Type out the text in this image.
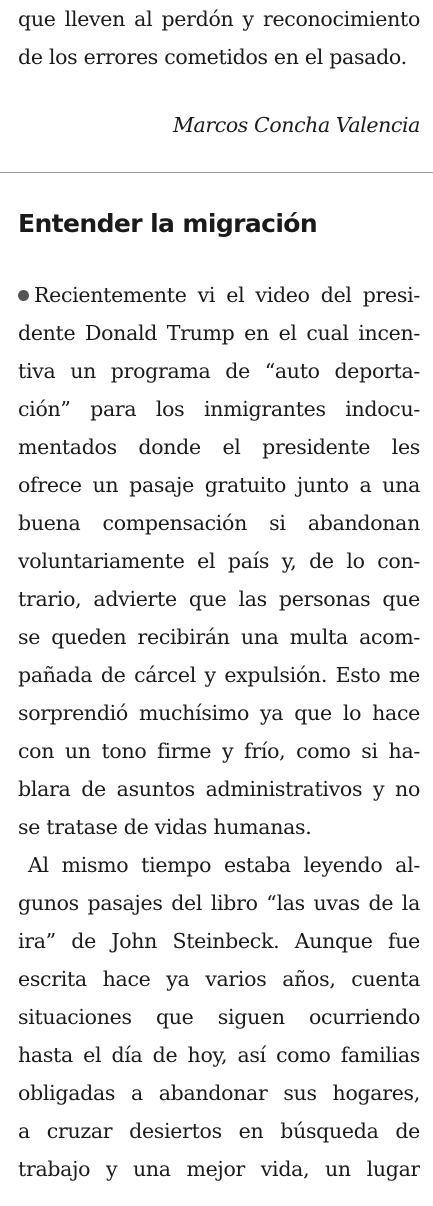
que lleven al perdón y reconocimiento
de los errores cometidos en el pasado.
Marcos Concha Valencia
Entender la migración
Recientemente vi el video del presi-
dente Donald Trump en el cual incen-
tiva un programa de “auto deporta-
ción” para los inmigrantes indocu-
mentados donde el presidente les
ofrece un pasaje gratuito junto a una
buena compensación si abandonan
voluntariamente el país y, de lo con-
trario, advierte que las personas que
se queden recibirán una multa acom-
pañada de cárcel y expulsión. Esto me
sorprendió muchísimo ya que lo hace
con un tono firme y frío, como si ha-
blara de asuntos administrativos y no
se tratase de vidas humanas.
Al mismo tiempo estaba leyendo al-
gunos pasajes del libro “las uvas de la
ira” de John Steinbeck. Aunque fue
escrita hace ya varios años, cuenta
situaciones que siguen ocurriendo
hasta el día de hoy, así como familias
obligadas a abandonar sus hogares,
a cruzar desiertos en búsqueda de
trabajo y una mejor vida, un lugar
